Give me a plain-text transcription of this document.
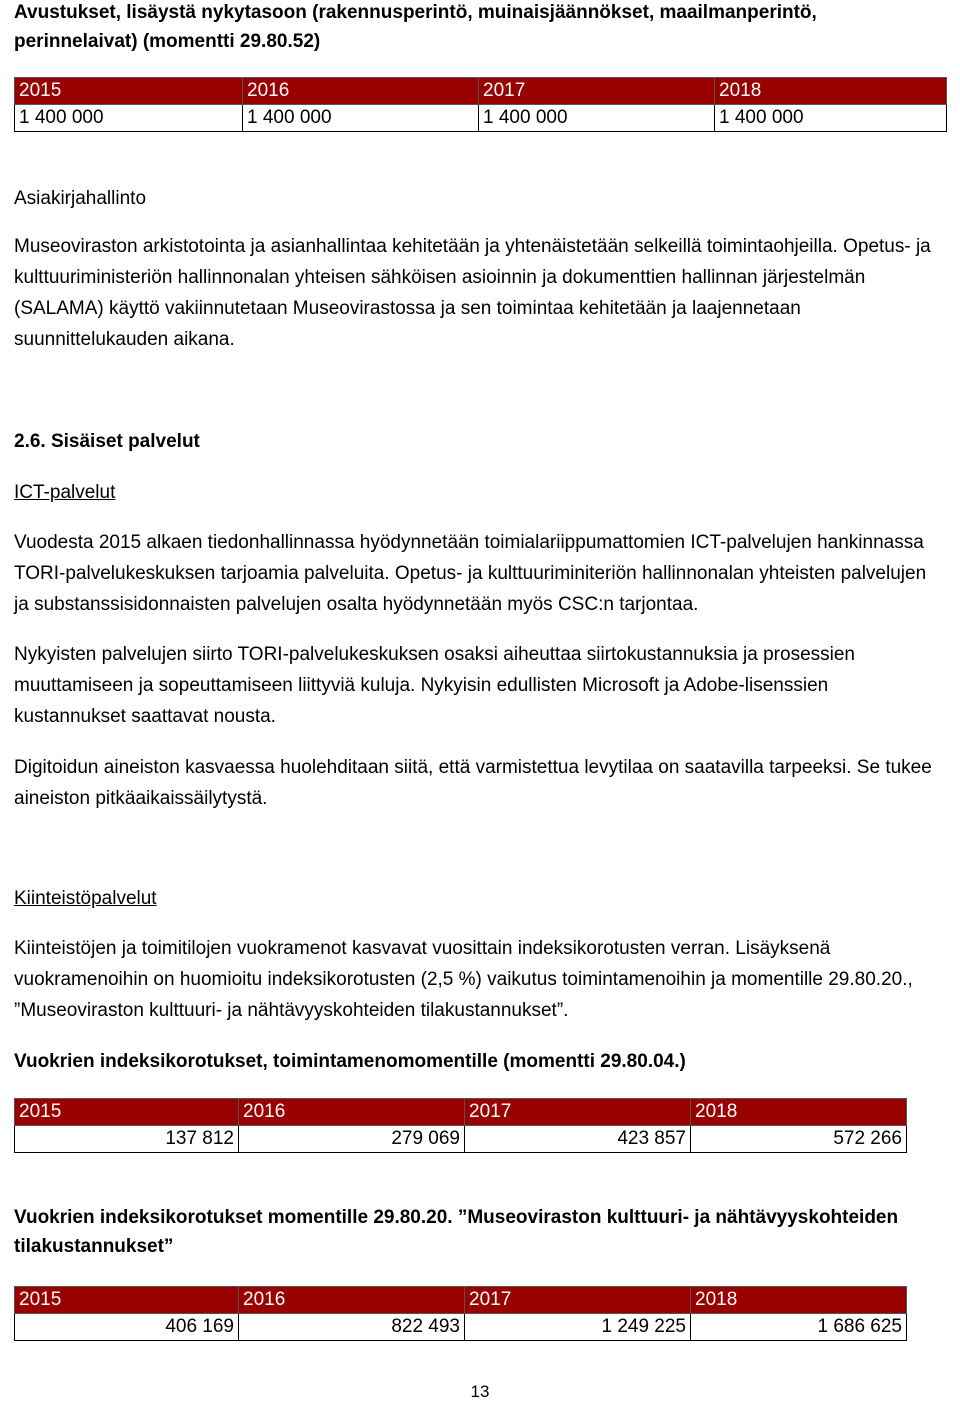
Avustukset, lisäystä nykytasoon (rakennusperintö, muinaisjäännökset, maailmanperintö,
perinnelaivat) (momentti 29.80.52)
2015	2016	2017	2018
1 400 000	1 400 000	1 400 000	1 400 000

Asiakirjahallinto

Museoviraston arkistotointa ja asianhallintaa kehitetään ja yhtenäistetään selkeillä toimintaohjeilla. Opetus- ja

kulttuuriministeriön hallinnonalan yhteisen sähköisen asioinnin ja dokumenttien hallinnan järjestelmän

(SALAMA) käyttö vakiinnutetaan Museovirastossa ja sen toimintaa kehitetään ja laajennetaan

suunnittelukauden aikana.

2.6. Sisäiset palvelut
ICT-palvelut

Vuodesta 2015 alkaen tiedonhallinnassa hyödynnetään toimialariippumattomien ICT-palvelujen hankinnassa

TORI-palvelukeskuksen tarjoamia palveluita. Opetus- ja kulttuuriminiteriön hallinnonalan yhteisten palvelujen

ja substanssisidonnaisten palvelujen osalta hyödynnetään myös CSC:n tarjontaa.

Nykyisten palvelujen siirto TORI-palvelukeskuksen osaksi aiheuttaa siirtokustannuksia ja prosessien

muuttamiseen ja sopeuttamiseen liittyviä kuluja. Nykyisin edullisten Microsoft ja Adobe-lisenssien

kustannukset saattavat nousta.

Digitoidun aineiston kasvaessa huolehditaan siitä, että varmistettua levytilaa on saatavilla tarpeeksi. Se tukee

aineiston pitkäaikaissäilytystä.

Kiinteistöpalvelut

Kiinteistöjen ja toimitilojen vuokramenot kasvavat vuosittain indeksikorotusten verran. Lisäyksenä

vuokramenoihin on huomioitu indeksikorotusten (2,5 %) vaikutus toimintamenoihin ja momentille 29.80.20.,

”Museoviraston kulttuuri- ja nähtävyyskohteiden tilakustannukset”.

Vuokrien indeksikorotukset, toimintamenomomentille (momentti 29.80.04.)
2015	2016	2017	2018
137 812	279 069	423 857	572 266
Vuokrien indeksikorotukset momentille 29.80.20. ”Museoviraston kulttuuri- ja nähtävyyskohteiden
tilakustannukset”
2015	2016	2017	2018
406 169	822 493	1 249 225	1 686 625
13
